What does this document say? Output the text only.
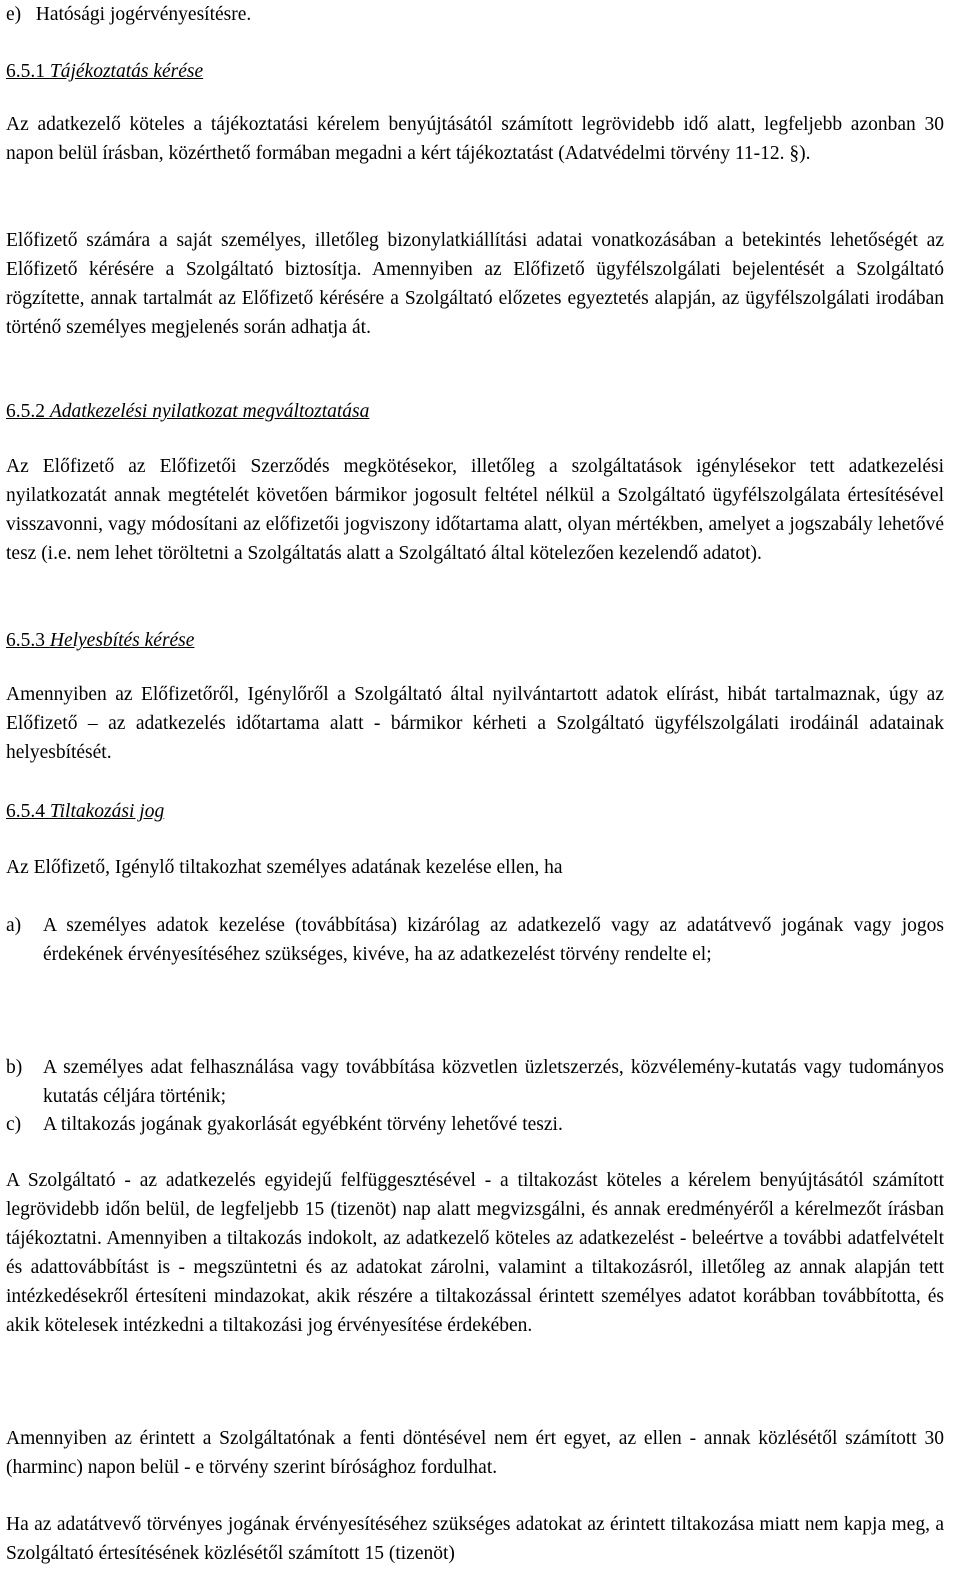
e)   Hatósági jogérvényesítésre.

6.5.1 Tájékoztatás kérése

Az adatkezelő köteles a tájékoztatási kérelem benyújtásától számított legrövidebb idő alatt, legfeljebb azonban 30 napon belül írásban, közérthető formában megadni a kért tájékoztatást (Adatvédelmi törvény 11-12. §).

Előfizető számára a saját személyes, illetőleg bizonylatkiállítási adatai vonatkozásában a betekintés lehetőségét az Előfizető kérésére a Szolgáltató biztosítja. Amennyiben az Előfizető ügyfélszolgálati bejelentését a Szolgáltató rögzítette, annak tartalmát az Előfizető kérésére a Szolgáltató előzetes egyeztetés alapján, az ügyfélszolgálati irodában történő személyes megjelenés során adhatja át.

6.5.2 Adatkezelési nyilatkozat megváltoztatása

Az Előfizető az Előfizetői Szerződés megkötésekor, illetőleg a szolgáltatások igénylésekor tett adatkezelési nyilatkozatát annak megtételét követően bármikor jogosult feltétel nélkül a Szolgáltató ügyfélszolgálata értesítésével visszavonni, vagy módosítani az előfizetői jogviszony időtartama alatt, olyan mértékben, amelyet a jogszabály lehetővé tesz (i.e. nem lehet töröltetni a Szolgáltatás alatt a Szolgáltató által kötelezően kezelendő adatot).

6.5.3 Helyesbítés kérése

Amennyiben az Előfizetőről, Igénylőről a Szolgáltató által nyilvántartott adatok elírást, hibát tartalmaznak, úgy az Előfizető – az adatkezelés időtartama alatt - bármikor kérheti a Szolgáltató ügyfélszolgálati irodáinál adatainak helyesbítését.

6.5.4 Tiltakozási jog

Az Előfizető, Igénylő tiltakozhat személyes adatának kezelése ellen, ha

a) A személyes adatok kezelése (továbbítása) kizárólag az adatkezelő vagy az adatátvevő jogának vagy jogos érdekének érvényesítéséhez szükséges, kivéve, ha az adatkezelést törvény rendelte el;
b) A személyes adat felhasználása vagy továbbítása közvetlen üzletszerzés, közvélemény-kutatás vagy tudományos kutatás céljára történik;
c) A tiltakozás jogának gyakorlását egyébként törvény lehetővé teszi.

A Szolgáltató - az adatkezelés egyidejű felfüggesztésével - a tiltakozást köteles a kérelem benyújtásától számított legrövidebb időn belül, de legfeljebb 15 (tizenöt) nap alatt megvizsgálni, és annak eredményéről a kérelmezőt írásban tájékoztatni. Amennyiben a tiltakozás indokolt, az adatkezelő köteles az adatkezelést - beleértve a további adatfelvételt és adattovábbítást is - megszüntetni és az adatokat zárolni, valamint a tiltakozásról, illetőleg az annak alapján tett intézkedésekről értesíteni mindazokat, akik részére a tiltakozással érintett személyes adatot korábban továbbította, és akik kötelesek intézkedni a tiltakozási jog érvényesítése érdekében.

Amennyiben az érintett a Szolgáltatónak a fenti döntésével nem ért egyet, az ellen - annak közlésétől számított 30 (harminc) napon belül - e törvény szerint bírósághoz fordulhat.

Ha az adatátvevő törvényes jogának érvényesítéséhez szükséges adatokat az érintett tiltakozása miatt nem kapja meg, a Szolgáltató értesítésének közlésétől számított 15 (tizenöt)
